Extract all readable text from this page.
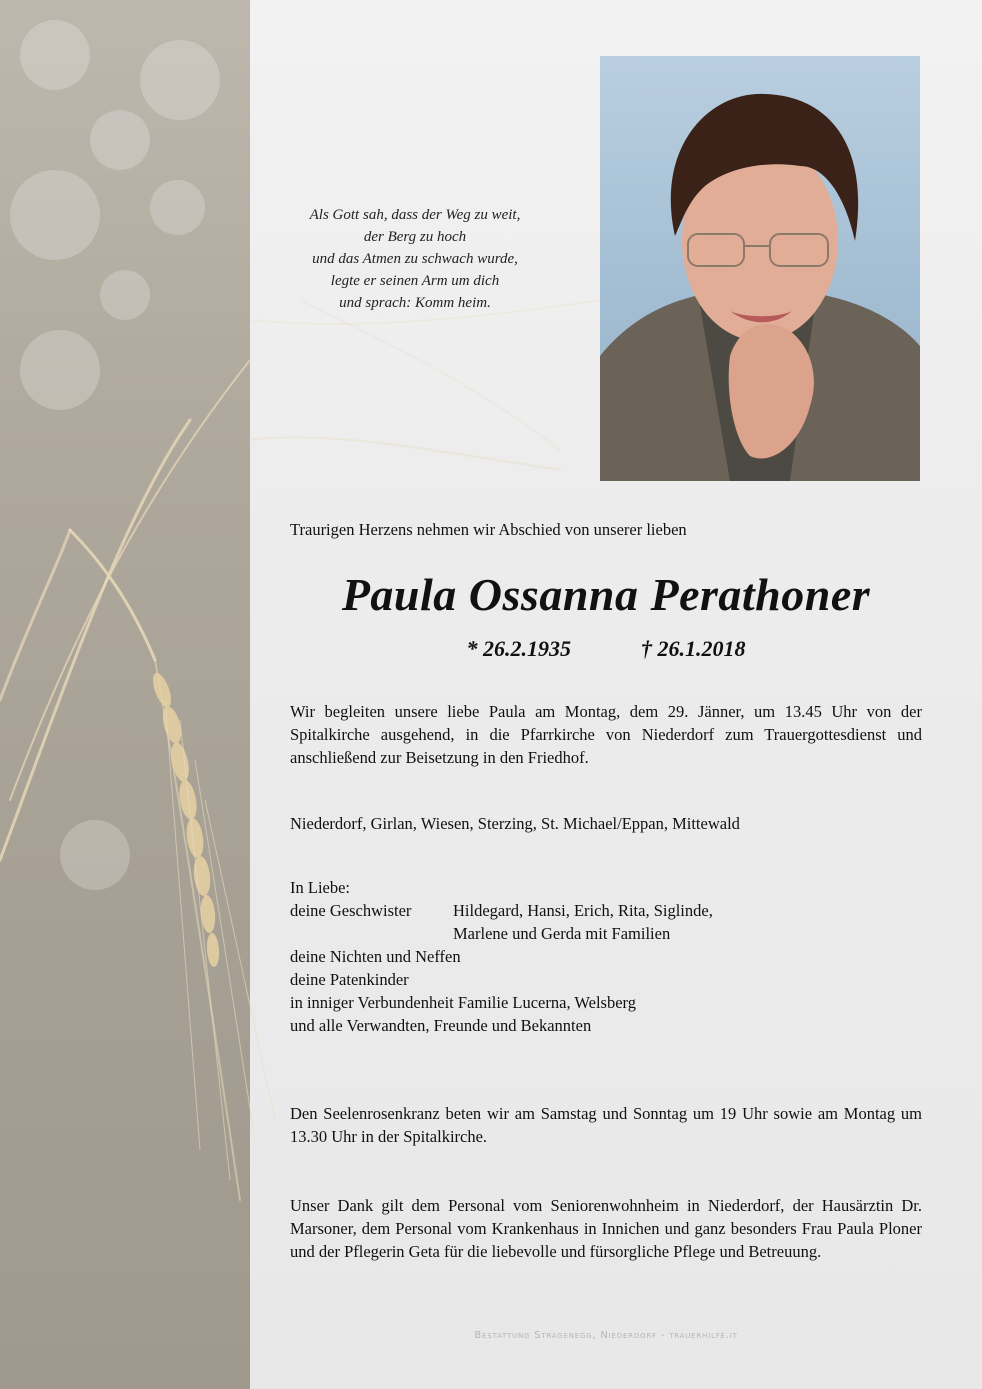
Als Gott sah, dass der Weg zu weit,
der Berg zu hoch
und das Atmen zu schwach wurde,
legte er seinen Arm um dich
und sprach: Komm heim.
Traurigen Herzens nehmen wir Abschied von unserer lieben
Paula Ossanna Perathoner
* 26.2.1935	† 26.1.2018
Wir begleiten unsere liebe Paula am Montag, dem 29. Jänner, um 13.45 Uhr von der Spitalkirche ausgehend, in die Pfarrkirche von Niederdorf zum Trauergottesdienst und anschließend zur Beisetzung in den Friedhof.
Niederdorf, Girlan, Wiesen, Sterzing, St. Michael/Eppan, Mittewald
In Liebe:
deine Geschwister	Hildegard, Hansi, Erich, Rita, Siglinde,
Marlene und Gerda mit Familien
deine Nichten und Neffen
deine Patenkinder
in inniger Verbundenheit Familie Lucerna, Welsberg
und alle Verwandten, Freunde und Bekannten
Den Seelenrosenkranz beten wir am Samstag und Sonntag um 19 Uhr sowie am Montag um 13.30 Uhr in der Spitalkirche.
Unser Dank gilt dem Personal vom Seniorenwohnheim in Niederdorf, der Hausärztin Dr. Marsoner, dem Personal vom Krankenhaus in Innichen und ganz besonders Frau Paula Ploner und der Pflegerin Geta für die liebevolle und fürsorgliche Pflege und Betreuung.
Bestattung Stragenegg, Niederdorf - trauerhilfe.it
